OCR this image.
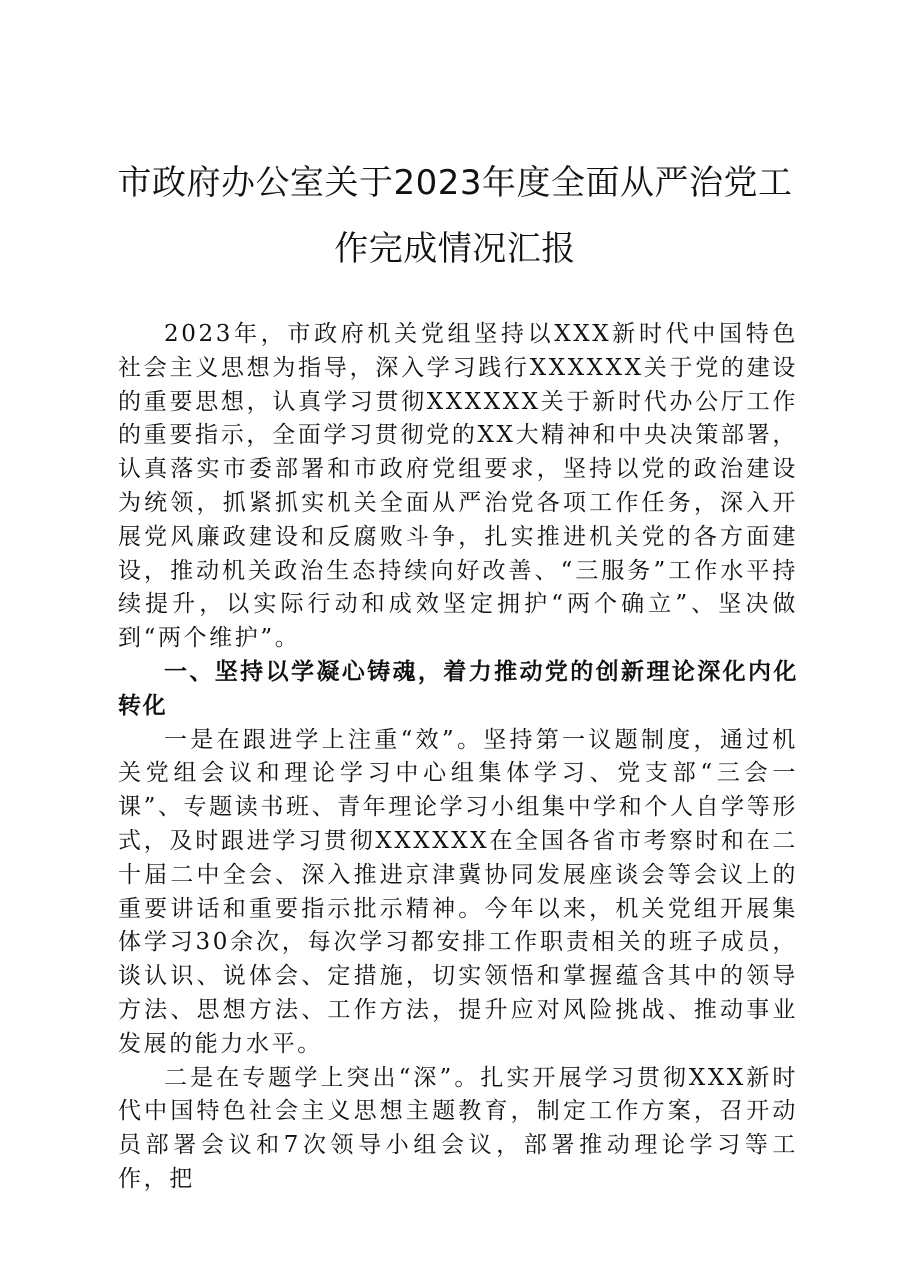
市政府办公室关于2023年度全面从严治党工
作完成情况汇报

2023年，市政府机关党组坚持以XXX新时代中国特色社会主义思想为指导，深入学习践行XXXXXX关于党的建设的重要思想，认真学习贯彻XXXXXX关于新时代办公厅工作的重要指示，全面学习贯彻党的XX大精神和中央决策部署，认真落实市委部署和市政府党组要求，坚持以党的政治建设为统领，抓紧抓实机关全面从严治党各项工作任务，深入开展党风廉政建设和反腐败斗争，扎实推进机关党的各方面建设，推动机关政治生态持续向好改善、“三服务”工作水平持续提升，以实际行动和成效坚定拥护“两个确立”、坚决做到“两个维护”。

一、坚持以学凝心铸魂，着力推动党的创新理论深化内化转化

一是在跟进学上注重“效”。坚持第一议题制度，通过机关党组会议和理论学习中心组集体学习、党支部“三会一课”、专题读书班、青年理论学习小组集中学和个人自学等形式，及时跟进学习贯彻XXXXXX在全国各省市考察时和在二十届二中全会、深入推进京津冀协同发展座谈会等会议上的重要讲话和重要指示批示精神。今年以来，机关党组开展集体学习30余次，每次学习都安排工作职责相关的班子成员，谈认识、说体会、定措施，切实领悟和掌握蕴含其中的领导方法、思想方法、工作方法，提升应对风险挑战、推动事业发展的能力水平。

二是在专题学上突出“深”。扎实开展学习贯彻XXX新时代中国特色社会主义思想主题教育，制定工作方案，召开动员部署会议和7次领导小组会议，部署推动理论学习等工作，把
